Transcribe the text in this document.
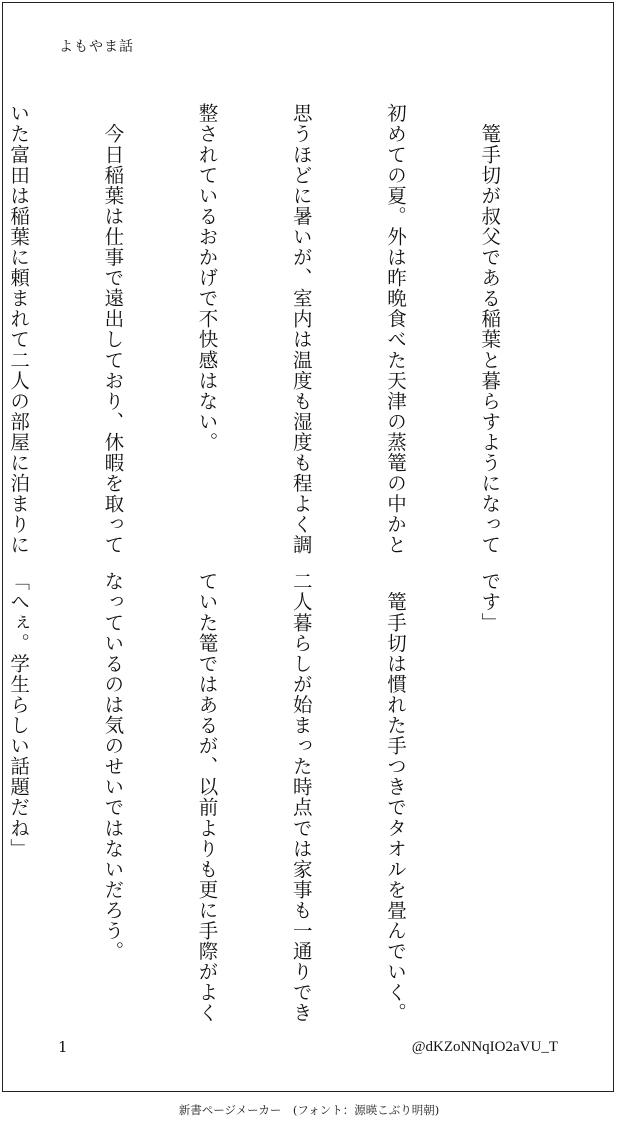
よもやま話

　篭手切が叔父である稲葉と暮らすようになって

初めての夏。外は昨晩食べた天津の蒸篭の中かと

思うほどに暑いが、室内は温度も湿度も程よく調

整されているおかげで不快感はない。

　今日稲葉は仕事で遠出しており、休暇を取って

いた富田は稲葉に頼まれて二人の部屋に泊まりに

です」

　篭手切は慣れた手つきでタオルを畳んでいく。

二人暮らしが始まった時点では家事も一通りでき

ていた篭ではあるが、以前よりも更に手際がよく

なっているのは気のせいではないだろう。

「へぇ。学生らしい話題だね」

1	@dKZoNNqIO2aVU_T
新書ページメーカー　(フォント：源暎こぶり明朝)
